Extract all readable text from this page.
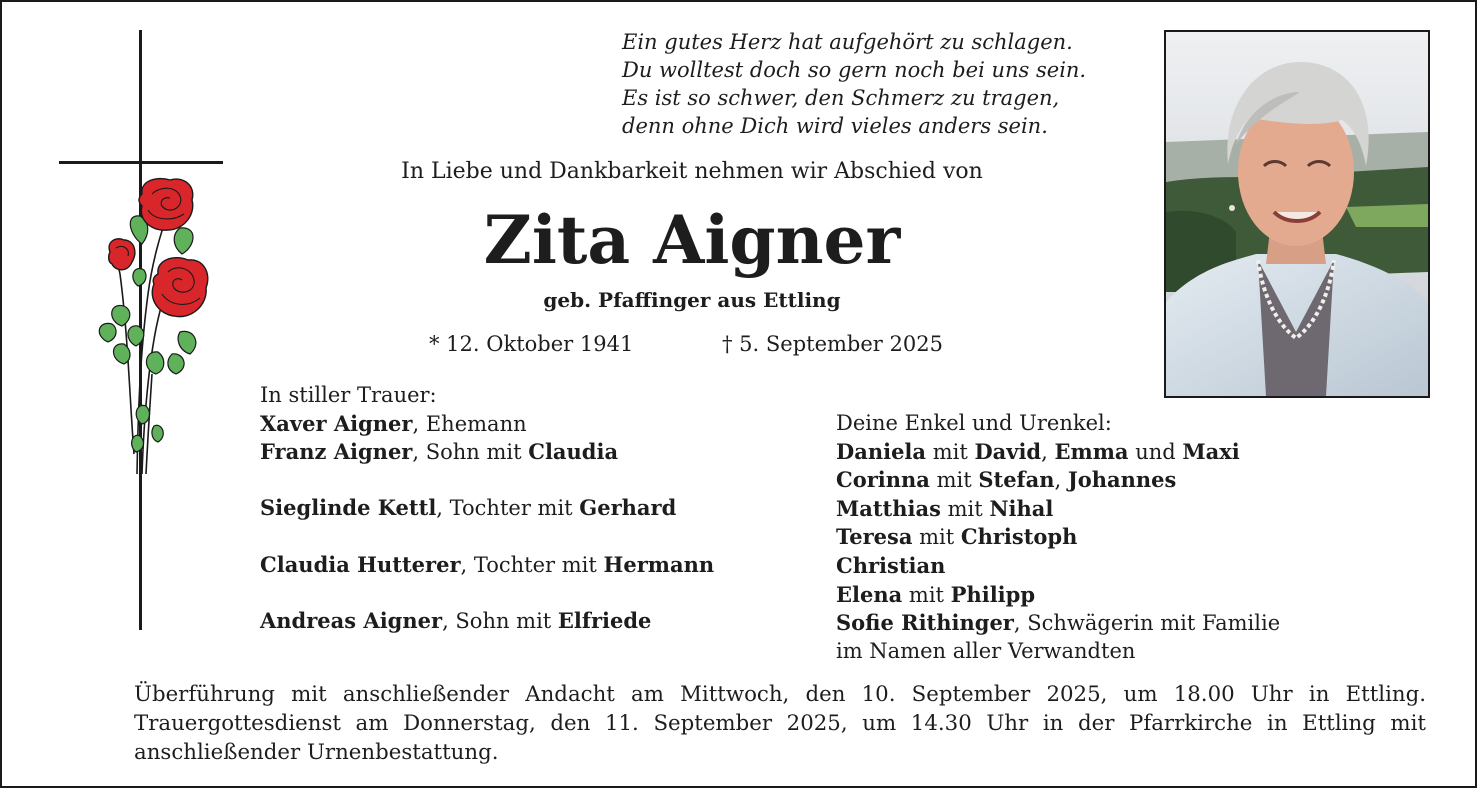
Ein gutes Herz hat aufgehört zu schlagen.
Du wolltest doch so gern noch bei uns sein.
Es ist so schwer, den Schmerz zu tragen,
denn ohne Dich wird vieles anders sein.
In Liebe und Dankbarkeit nehmen wir Abschied von
Zita Aigner
geb. Pfaffinger aus Ettling
* 12. Oktober 1941	† 5. September 2025
In stiller Trauer:
Xaver Aigner, Ehemann
Franz Aigner, Sohn mit Claudia
Sieglinde Kettl, Tochter mit Gerhard
Claudia Hutterer, Tochter mit Hermann
Andreas Aigner, Sohn mit Elfriede
Deine Enkel und Urenkel:
Daniela mit David, Emma und Maxi
Corinna mit Stefan, Johannes
Matthias mit Nihal
Teresa mit Christoph
Christian
Elena mit Philipp
Sofie Rithinger, Schwägerin mit Familie
im Namen aller Verwandten
Überführung mit anschließender Andacht am Mittwoch, den 10. September 2025, um 18.00 Uhr in Ettling.
Trauergottesdienst am Donnerstag, den 11. September 2025, um 14.30 Uhr in der Pfarrkirche in Ettling mit
anschließender Urnenbestattung.
